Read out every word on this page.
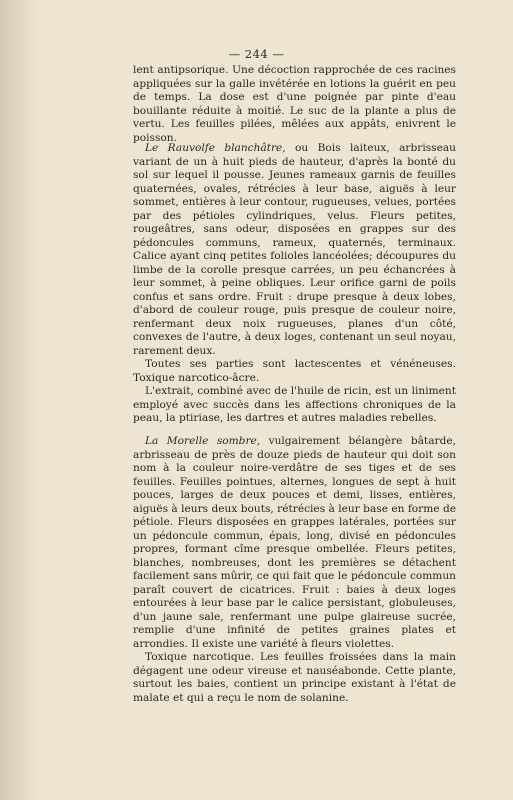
— 244 —

lent antipsorique. Une décoction rapprochée de ces racines appliquées sur la galle invétérée en lotions la guérit en peu de temps. La dose est d'une poignée par pinte d'eau bouillante réduite à moitié. Le suc de la plante a plus de vertu. Les feuilles pilées, mêlées aux appâts, enivrent le poisson.

Le Rauvolfe blanchâtre, ou Bois laiteux, arbrisseau variant de un à huit pieds de hauteur, d'après la bonté du sol sur lequel il pousse. Jeunes rameaux garnis de feuilles quaternées, ovales, rétrécies à leur base, aiguës à leur sommet, entières à leur contour, rugueuses, velues, portées par des pétioles cylindriques, velus. Fleurs petites, rougeâtres, sans odeur, disposées en grappes sur des pédoncules communs, rameux, quaternés, terminaux. Calice ayant cinq petites folioles lancéolées; découpures du limbe de la corolle presque carrées, un peu échancrées à leur sommet, à peine obliques. Leur orifice garni de poils confus et sans ordre. Fruit : drupe presque à deux lobes, d'abord de couleur rouge, puis presque de couleur noire, renfermant deux noix rugueuses, planes d'un côté, convexes de l'autre, à deux loges, contenant un seul noyau, rarement deux.

Toutes ses parties sont lactescentes et vénéneuses. Toxique narcotico-âcre.

L'extrait, combiné avec de l'huile de ricin, est un liniment employé avec succès dans les affections chroniques de la peau, la ptiriase, les dartres et autres maladies rebelles.

La Morelle sombre, vulgairement bélangère bâtarde, arbrisseau de près de douze pieds de hauteur qui doit son nom à la couleur noire-verdâtre de ses tiges et de ses feuilles. Feuilles pointues, alternes, longues de sept à huit pouces, larges de deux pouces et demi, lisses, entières, aiguës à leurs deux bouts, rétrécies à leur base en forme de pétiole. Fleurs disposées en grappes latérales, portées sur un pédoncule commun, épais, long, divisé en pédoncules propres, formant cîme presque ombellée. Fleurs petites, blanches, nombreuses, dont les premières se détachent facilement sans mûrir, ce qui fait que le pédoncule commun paraît couvert de cicatrices. Fruit : baies à deux loges entourées à leur base par le calice persistant, globuleuses, d'un jaune sale, renfermant une pulpe glaireuse sucrée, remplie d'une infinité de petites graines plates et arrondies. Il existe une variété à fleurs violettes.

Toxique narcotique. Les feuilles froissées dans la main dégagent une odeur vireuse et nauséabonde. Cette plante, surtout les baies, contient un principe existant à l'état de malate et qui a reçu le nom de solanine.
